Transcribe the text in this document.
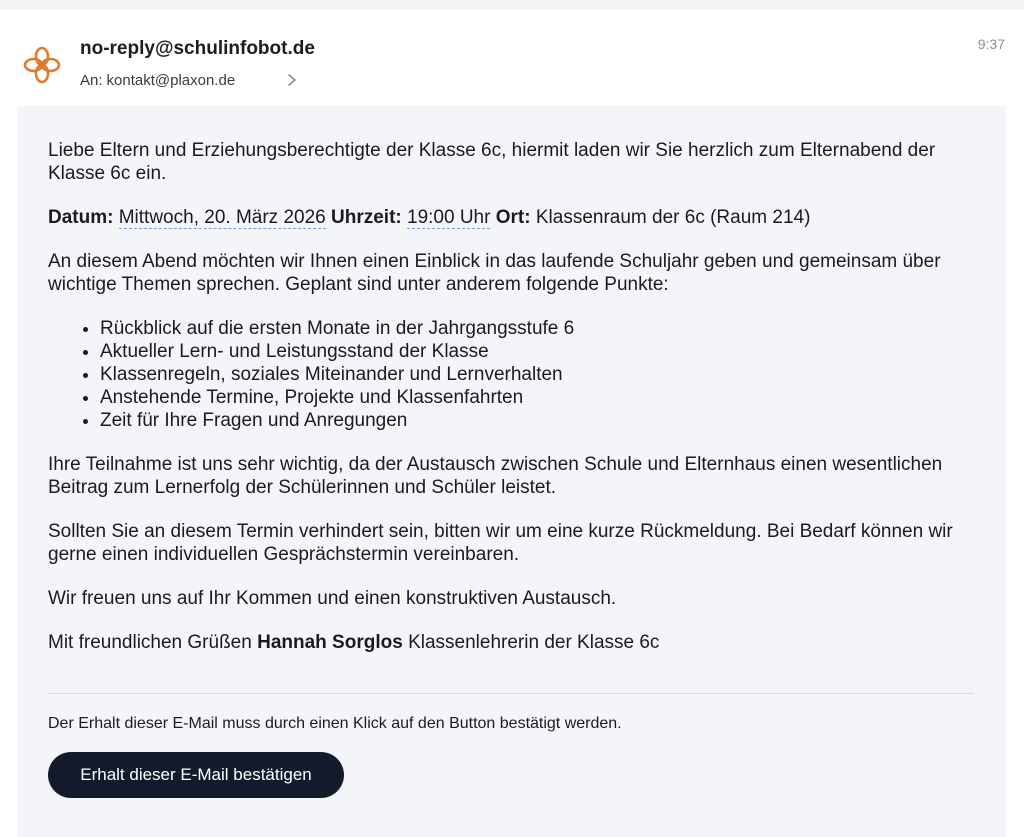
no-reply@schulinfobot.de
An: kontakt@plaxon.de
9:37

Liebe Eltern und Erziehungsberechtigte der Klasse 6c, hiermit laden wir Sie herzlich zum Elternabend der Klasse 6c ein.

Datum: Mittwoch, 20. März 2026 Uhrzeit: 19:00 Uhr Ort: Klassenraum der 6c (Raum 214)

An diesem Abend möchten wir Ihnen einen Einblick in das laufende Schuljahr geben und gemeinsam über wichtige Themen sprechen. Geplant sind unter anderem folgende Punkte:

• Rückblick auf die ersten Monate in der Jahrgangsstufe 6
• Aktueller Lern- und Leistungsstand der Klasse
• Klassenregeln, soziales Miteinander und Lernverhalten
• Anstehende Termine, Projekte und Klassenfahrten
• Zeit für Ihre Fragen und Anregungen

Ihre Teilnahme ist uns sehr wichtig, da der Austausch zwischen Schule und Elternhaus einen wesentlichen Beitrag zum Lernerfolg der Schülerinnen und Schüler leistet.

Sollten Sie an diesem Termin verhindert sein, bitten wir um eine kurze Rückmeldung. Bei Bedarf können wir gerne einen individuellen Gesprächstermin vereinbaren.

Wir freuen uns auf Ihr Kommen und einen konstruktiven Austausch.

Mit freundlichen Grüßen Hannah Sorglos Klassenlehrerin der Klasse 6c

Der Erhalt dieser E-Mail muss durch einen Klick auf den Button bestätigt werden.
Erhalt dieser E-Mail bestätigen
